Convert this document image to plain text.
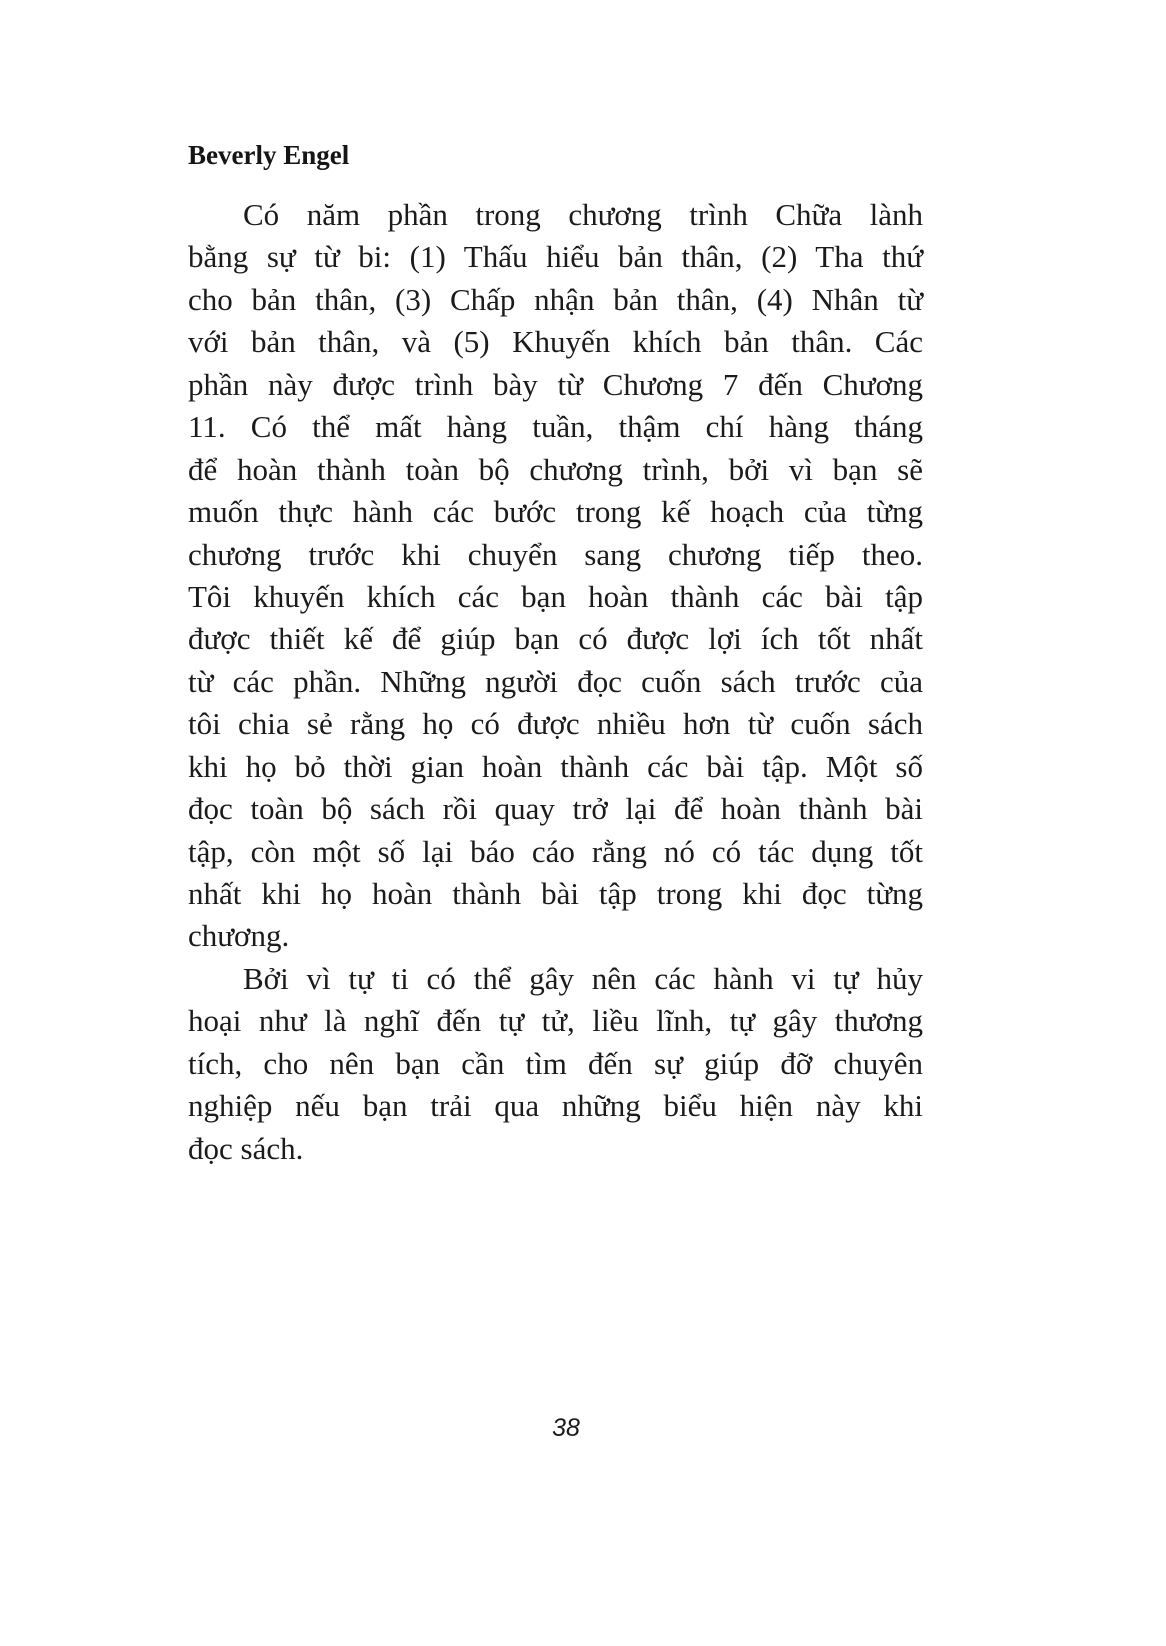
Beverly Engel
Có năm phần trong chương trình Chữa lành
bằng sự từ bi: (1) Thấu hiểu bản thân, (2) Tha thứ
cho bản thân, (3) Chấp nhận bản thân, (4) Nhân từ
với bản thân, và (5) Khuyến khích bản thân. Các
phần này được trình bày từ Chương 7 đến Chương
11. Có thể mất hàng tuần, thậm chí hàng tháng
để hoàn thành toàn bộ chương trình, bởi vì bạn sẽ
muốn thực hành các bước trong kế hoạch của từng
chương trước khi chuyển sang chương tiếp theo.
Tôi khuyến khích các bạn hoàn thành các bài tập
được thiết kế để giúp bạn có được lợi ích tốt nhất
từ các phần. Những người đọc cuốn sách trước của
tôi chia sẻ rằng họ có được nhiều hơn từ cuốn sách
khi họ bỏ thời gian hoàn thành các bài tập. Một số
đọc toàn bộ sách rồi quay trở lại để hoàn thành bài
tập, còn một số lại báo cáo rằng nó có tác dụng tốt
nhất khi họ hoàn thành bài tập trong khi đọc từng
chương.
Bởi vì tự ti có thể gây nên các hành vi tự hủy
hoại như là nghĩ đến tự tử, liều lĩnh, tự gây thương
tích, cho nên bạn cần tìm đến sự giúp đỡ chuyên
nghiệp nếu bạn trải qua những biểu hiện này khi
đọc sách.
38
